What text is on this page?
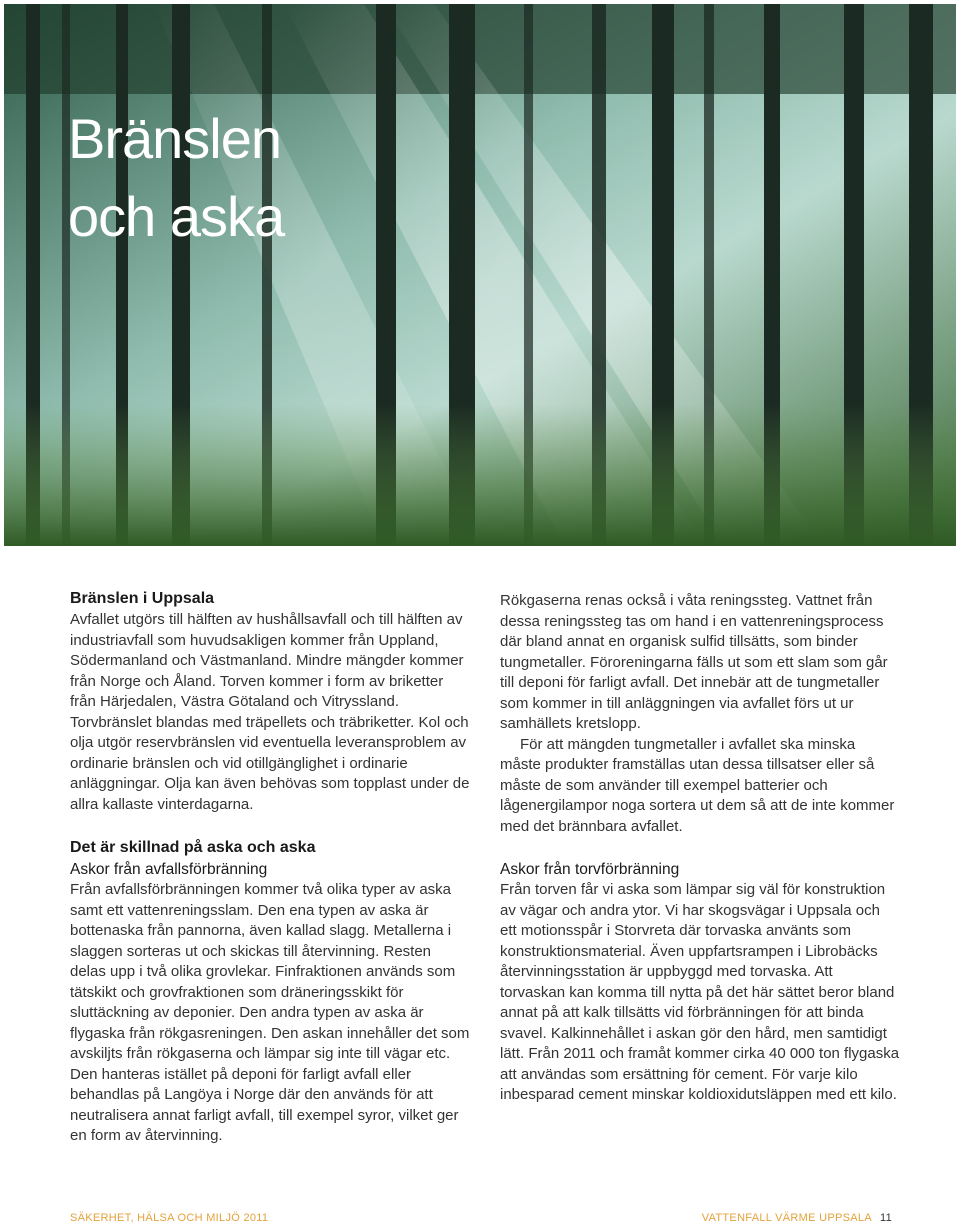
Bränslen
och aska

Bränslen i Uppsala

Avfallet utgörs till hälften av hushållsavfall och till hälften av industriavfall som huvudsakligen kommer från Uppland, Södermanland och Västmanland. Mindre mängder kommer från Norge och Åland. Torven kommer i form av briketter från Härjedalen, Västra Götaland och Vitryssland. Torvbränslet blandas med träpellets och träbriketter. Kol och olja utgör reservbränslen vid eventuella leveransproblem av ordinarie bränslen och vid otillgänglighet i ordinarie anläggningar. Olja kan även behövas som topplast under de allra kallaste vinterdagarna.

Det är skillnad på aska och aska

Askor från avfallsförbränning

Från avfallsförbränningen kommer två olika typer av aska samt ett vattenreningsslam. Den ena typen av aska är bottenaska från pannorna, även kallad slagg. Metallerna i slaggen sorteras ut och skickas till återvinning. Resten delas upp i två olika grovlekar. Finfraktionen används som tätskikt och grovfraktionen som dräneringsskikt för sluttäckning av deponier. Den andra typen av aska är flygaska från rökgasreningen. Den askan innehåller det som avskiljts från rökgaserna och lämpar sig inte till vägar etc. Den hanteras istället på deponi för farligt avfall eller behandlas på Langöya i Norge där den används för att neutralisera annat farligt avfall, till exempel syror, vilket ger en form av återvinning.

Rökgaserna renas också i våta reningssteg. Vattnet från dessa reningssteg tas om hand i en vattenreningsprocess där bland annat en organisk sulfid tillsätts, som binder tungmetaller. Föroreningarna fälls ut som ett slam som går till deponi för farligt avfall. Det innebär att de tungmetaller som kommer in till anläggningen via avfallet förs ut ur samhällets kretslopp.

För att mängden tungmetaller i avfallet ska minska måste produkter framställas utan dessa tillsatser eller så måste de som använder till exempel batterier och lågenergilampor noga sortera ut dem så att de inte kommer med det brännbara avfallet.

Askor från torvförbränning

Från torven får vi aska som lämpar sig väl för konstruktion av vägar och andra ytor. Vi har skogsvägar i Uppsala och ett motionsspår i Storvreta där torvaska använts som konstruktionsmaterial. Även uppfartsrampen i Librobäcks återvinningsstation är uppbyggd med torvaska. Att torvaskan kan komma till nytta på det här sättet beror bland annat på att kalk tillsätts vid förbränningen för att binda svavel. Kalkinnehållet i askan gör den hård, men samtidigt lätt. Från 2011 och framåt kommer cirka 40 000 ton flygaska att användas som ersättning för cement. För varje kilo inbesparad cement minskar koldioxidutsläppen med ett kilo.

SÄKERHET, HÄLSA OCH MILJÖ 2011	VATTENFALL VÄRME UPPSALA 11
